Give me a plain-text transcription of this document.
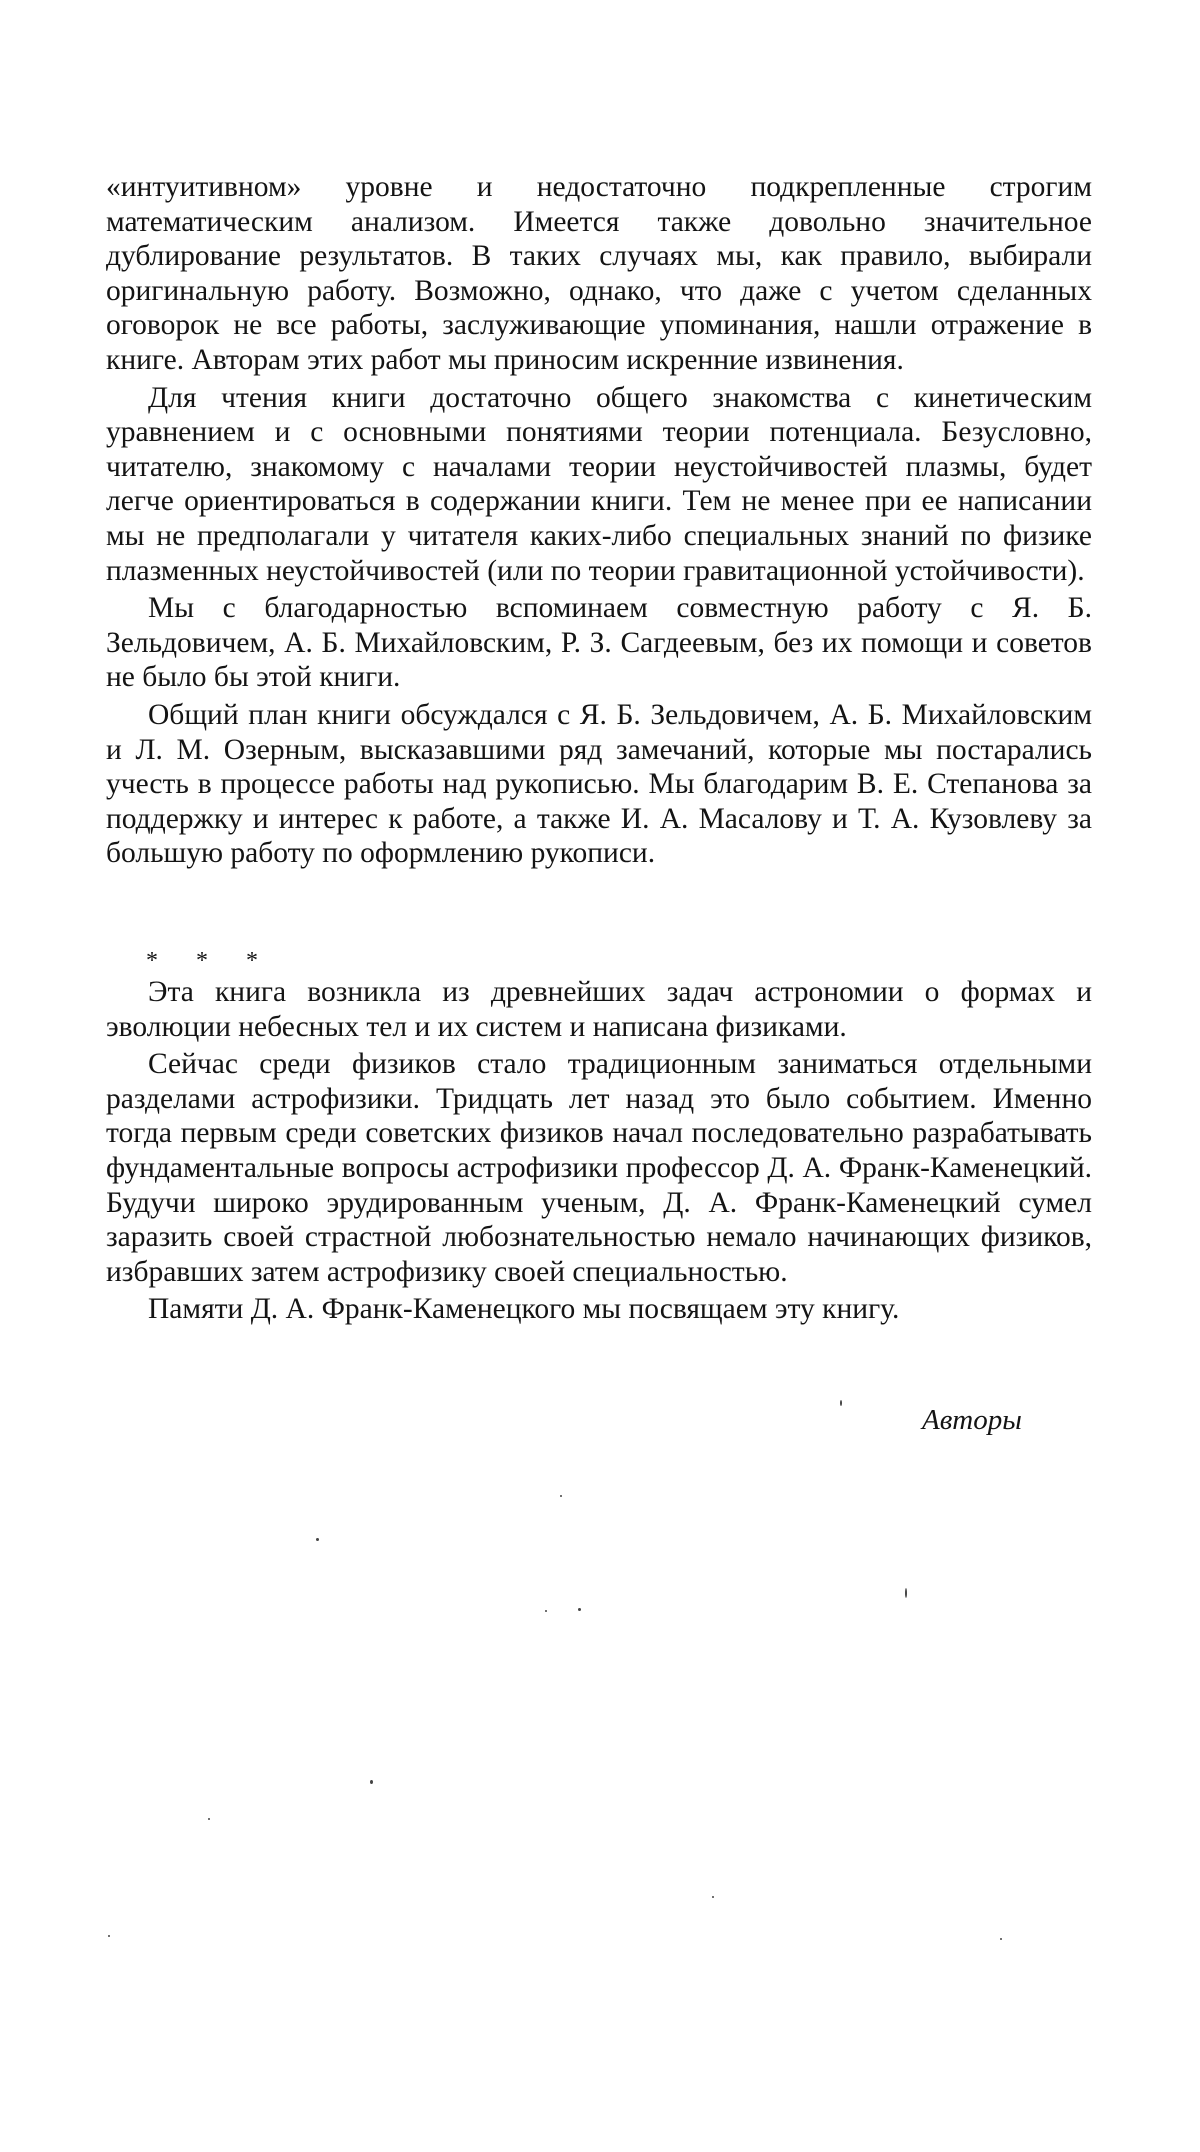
«интуитивном» уровне и недостаточно подкрепленные строгим математическим анализом. Имеется также довольно значительное дублирование результатов. В таких случаях мы, как правило, выбирали оригинальную работу. Возможно, однако, что даже с учетом сделанных оговорок не все работы, заслуживающие упоминания, нашли отражение в книге. Авторам этих работ мы приносим искренние извинения.

Для чтения книги достаточно общего знакомства с кинетическим уравнением и с основными понятиями теории потенциала. Безусловно, читателю, знакомому с началами теории неустойчивостей плазмы, будет легче ориентироваться в содержании книги. Тем не менее при ее написании мы не предполагали у читателя каких-либо специальных знаний по физике плазменных неустойчивостей (или по теории гравитационной устойчивости).

Мы с благодарностью вспоминаем совместную работу с Я. Б. Зельдовичем, А. Б. Михайловским, Р. З. Сагдеевым, без их помощи и советов не было бы этой книги.

Общий план книги обсуждался с Я. Б. Зельдовичем, А. Б. Михайловским и Л. М. Озерным, высказавшими ряд замечаний, которые мы постарались учесть в процессе работы над рукописью. Мы благодарим В. Е. Степанова за поддержку и интерес к работе, а также И. А. Масалову и Т. А. Кузовлеву за большую работу по оформлению рукописи.

* * *

Эта книга возникла из древнейших задач астрономии о формах и эволюции небесных тел и их систем и написана физиками.

Сейчас среди физиков стало традиционным заниматься отдельными разделами астрофизики. Тридцать лет назад это было событием. Именно тогда первым среди советских физиков начал последовательно разрабатывать фундаментальные вопросы астрофизики профессор Д. А. Франк-Каменецкий. Будучи широко эрудированным ученым, Д. А. Франк-Каменецкий сумел заразить своей страстной любознательностью немало начинающих физиков, избравших затем астрофизику своей специальностью.

Памяти Д. А. Франк-Каменецкого мы посвящаем эту книгу.

Авторы
